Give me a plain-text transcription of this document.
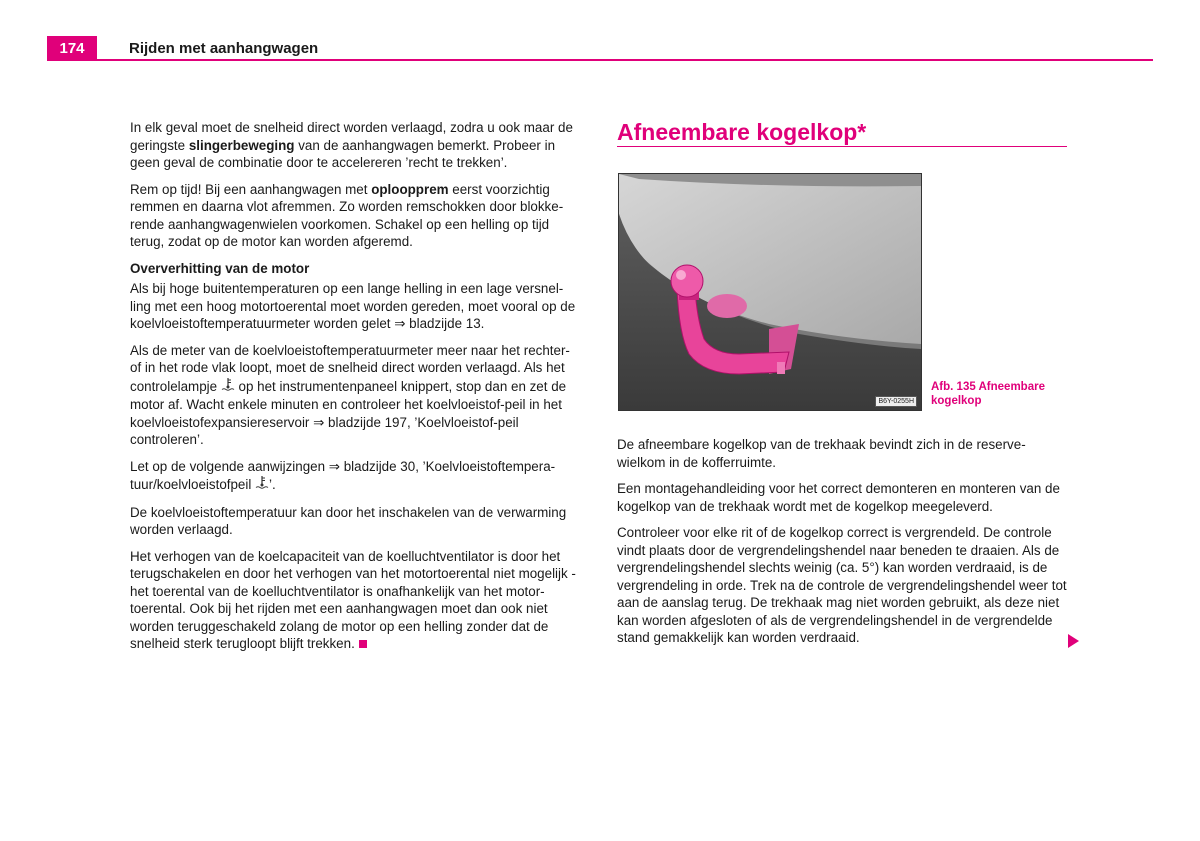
174	Rijden met aanhangwagen

In elk geval moet de snelheid direct worden verlaagd, zodra u ook maar de geringste slingerbeweging van de aanhangwagen bemerkt. Probeer in geen geval de combinatie door te accelereren ’recht te trekken’.

Rem op tijd! Bij een aanhangwagen met oploopprem eerst voorzichtig remmen en daarna vlot afremmen. Zo worden remschokken door blokke-rende aanhangwagenwielen voorkomen. Schakel op een helling op tijd terug, zodat op de motor kan worden afgeremd.

Oververhitting van de motor

Als bij hoge buitentemperaturen op een lange helling in een lage versnel-ling met een hoog motortoerental moet worden gereden, moet vooral op de koelvloeistoftemperatuurmeter worden gelet ⇒ bladzijde 13.

Als de meter van de koelvloeistoftemperatuurmeter meer naar het rechter- of in het rode vlak loopt, moet de snelheid direct worden verlaagd. Als het controlelampje  op het instrumentenpaneel knippert, stop dan en zet de motor af. Wacht enkele minuten en controleer het koelvloeistof-peil in het koelvloeistofexpansiereservoir ⇒ bladzijde 197, ’Koelvloeistof-peil controleren’.

Let op de volgende aanwijzingen ⇒ bladzijde 30, ’Koelvloeistoftempera-tuur/koelvloeistofpeil ’.

De koelvloeistoftemperatuur kan door het inschakelen van de verwarming worden verlaagd.

Het verhogen van de koelcapaciteit van de koelluchtventilator is door het terugschakelen en door het verhogen van het motortoerental niet mogelijk - het toerental van de koelluchtventilator is onafhankelijk van het motor-toerental. Ook bij het rijden met een aanhangwagen moet dan ook niet worden teruggeschakeld zolang de motor op een helling zonder dat de snelheid sterk terugloopt blijft trekken.

Afneembare kogelkop*
B6Y-0255H
Afb. 135 Afneembare kogelkop

De afneembare kogelkop van de trekhaak bevindt zich in de reserve-wielkom in de kofferruimte.

Een montagehandleiding voor het correct demonteren en monteren van de kogelkop van de trekhaak wordt met de kogelkop meegeleverd.

Controleer voor elke rit of de kogelkop correct is vergrendeld. De controle vindt plaats door de vergrendelingshendel naar beneden te draaien. Als de vergrendelingshendel slechts weinig (ca. 5°) kan worden verdraaid, is de vergrendeling in orde. Trek na de controle de vergrendelingshendel weer tot aan de aanslag terug. De trekhaak mag niet worden gebruikt, als deze niet kan worden afgesloten of als de vergrendelingshendel in de vergrendelde stand gemakkelijk kan worden verdraaid.
